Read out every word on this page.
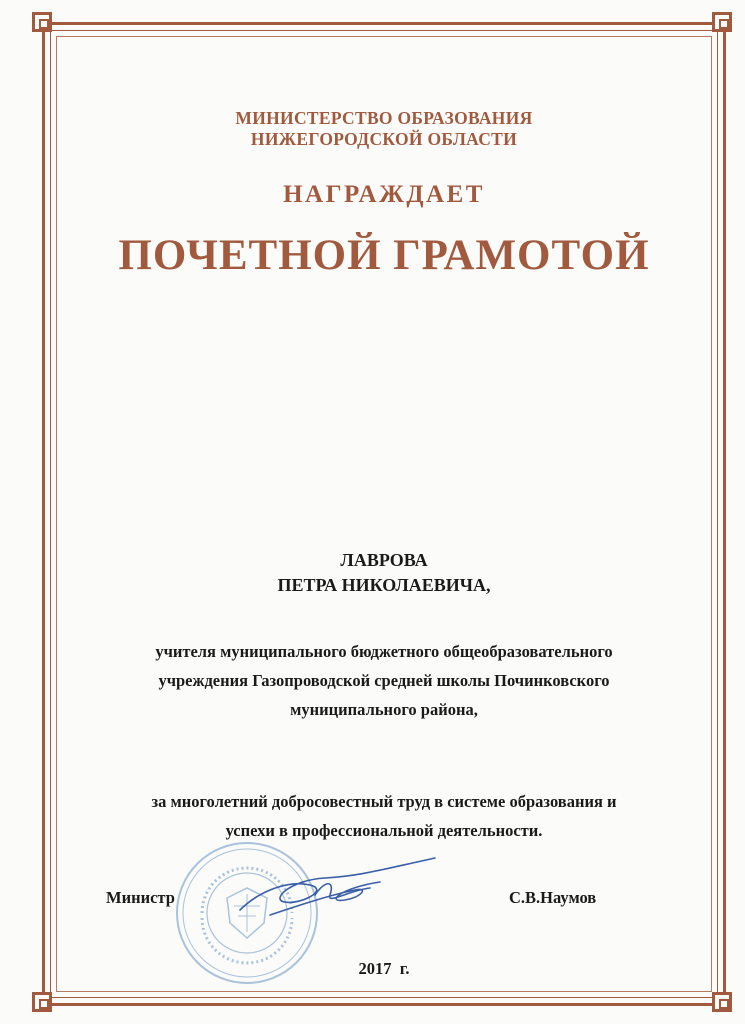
МИНИСТЕРСТВО ОБРАЗОВАНИЯ
НИЖЕГОРОДСКОЙ ОБЛАСТИ
НАГРАЖДАЕТ
ПОЧЕТНОЙ ГРАМОТОЙ
ЛАВРОВА
ПЕТРА НИКОЛАЕВИЧА,
учителя муниципального бюджетного общеобразовательного
учреждения Газопроводской средней школы Починковского
муниципального района,
за многолетний добросовестный труд в системе образования и
успехи в профессиональной деятельности.
Министр	С.В.Наумов
2017  г.
